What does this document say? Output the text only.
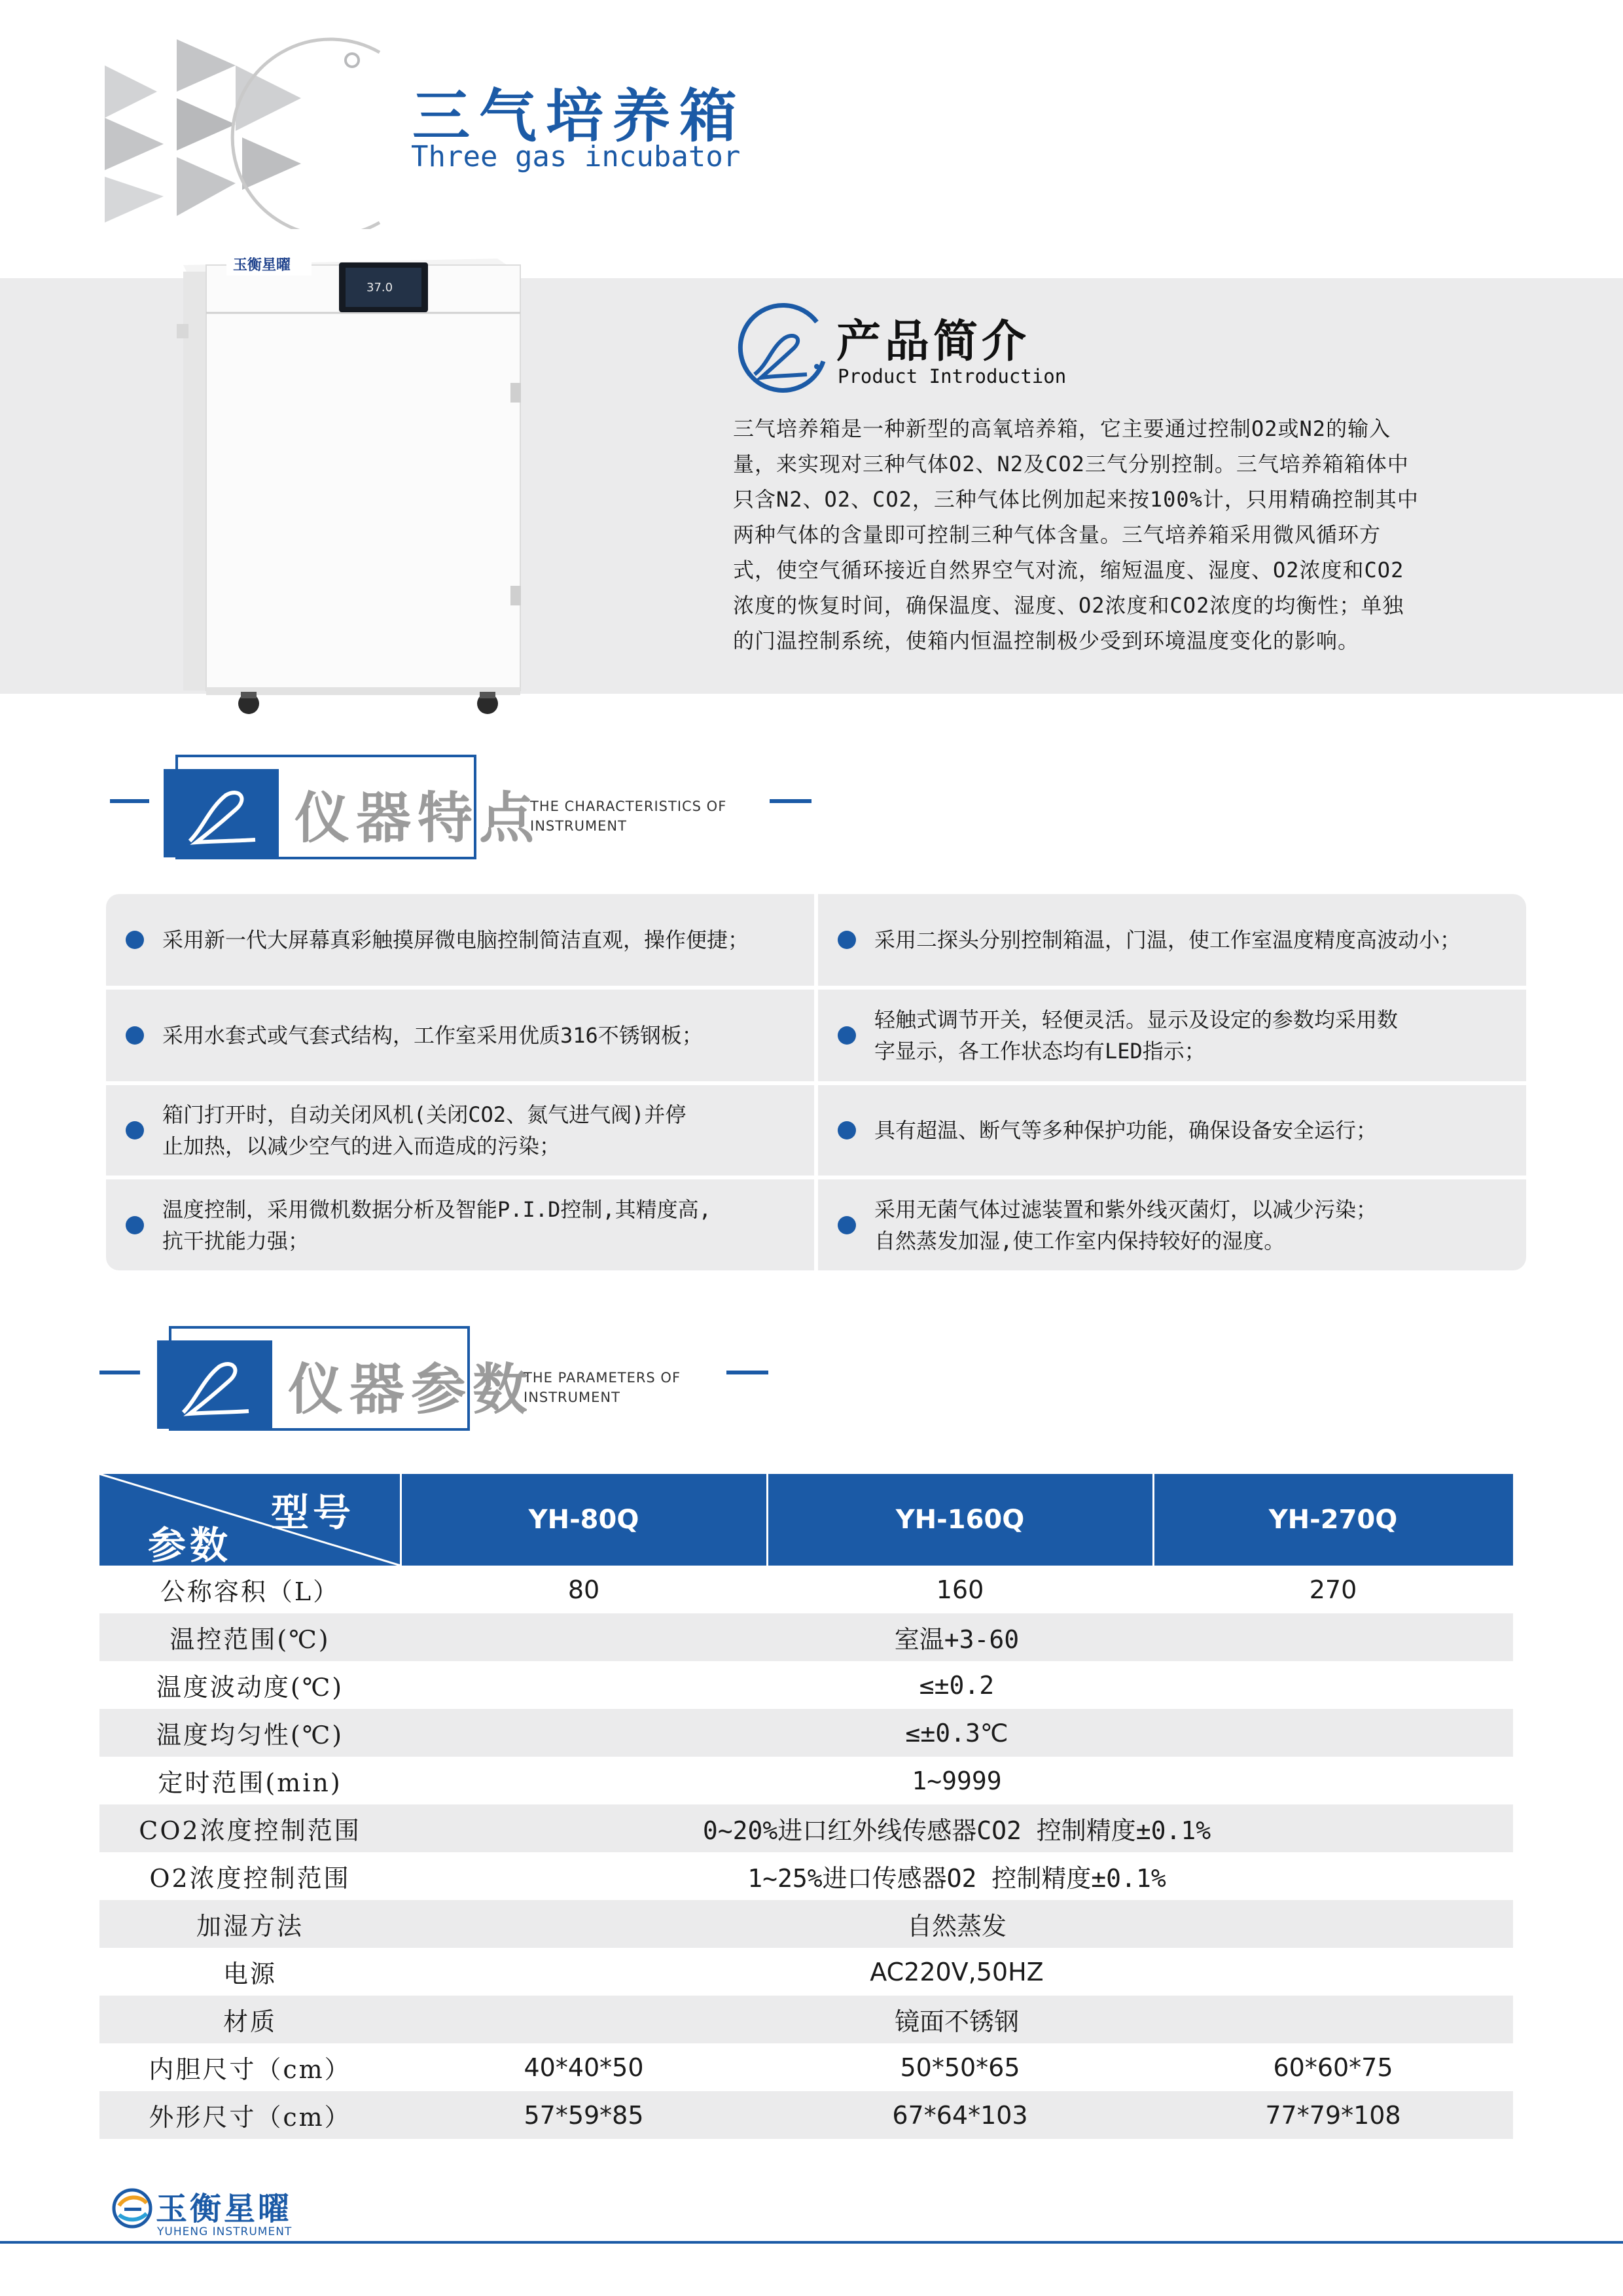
三气培养箱
Three gas incubator
玉衡星曜
37.0
产品简介
Product Introduction
三气培养箱是一种新型的高氧培养箱，它主要通过控制O2或N2的输入
量，来实现对三种气体O2、N2及CO2三气分别控制。三气培养箱箱体中
只含N2、O2、CO2，三种气体比例加起来按100%计，只用精确控制其中
两种气体的含量即可控制三种气体含量。三气培养箱采用微风循环方
式，使空气循环接近自然界空气对流，缩短温度、湿度、O2浓度和CO2
浓度的恢复时间，确保温度、湿度、O2浓度和CO2浓度的均衡性；单独
的门温控制系统，使箱内恒温控制极少受到环境温度变化的影响。
仪器特点
THE CHARACTERISTICS OF
INSTRUMENT
采用新一代大屏幕真彩触摸屏微电脑控制简洁直观，操作便捷；
采用水套式或气套式结构，工作室采用优质316不锈钢板；
箱门打开时，自动关闭风机(关闭CO2、氮气进气阀)并停
止加热，以减少空气的进入而造成的污染；
温度控制，采用微机数据分析及智能P.I.D控制,其精度高,
抗干扰能力强；
采用二探头分别控制箱温，门温，使工作室温度精度高波动小；
轻触式调节开关，轻便灵活。显示及设定的参数均采用数
字显示，各工作状态均有LED指示；
具有超温、断气等多种保护功能，确保设备安全运行；
采用无菌气体过滤装置和紫外线灭菌灯，以减少污染；
自然蒸发加湿,使工作室内保持较好的湿度。
仪器参数
THE PARAMETERS OF
INSTRUMENT
型号
参数
YH-80Q	YH-160Q	YH-270Q
公称容积（L）	80	160	270
温控范围(℃)	室温+3-60
温度波动度(℃)	≤±0.2
温度均匀性(℃)	≤±0.3℃
定时范围(min)	1~9999
CO2浓度控制范围	0~20%进口红外线传感器CO2 控制精度±0.1%
O2浓度控制范围	1~25%进口传感器O2 控制精度±0.1%
加湿方法	自然蒸发
电源	AC220V,50HZ
材质	镜面不锈钢
内胆尺寸（cm）	40*40*50	50*50*65	60*60*75
外形尺寸（cm）	57*59*85	67*64*103	77*79*108
玉衡星曜
YUHENG INSTRUMENT
